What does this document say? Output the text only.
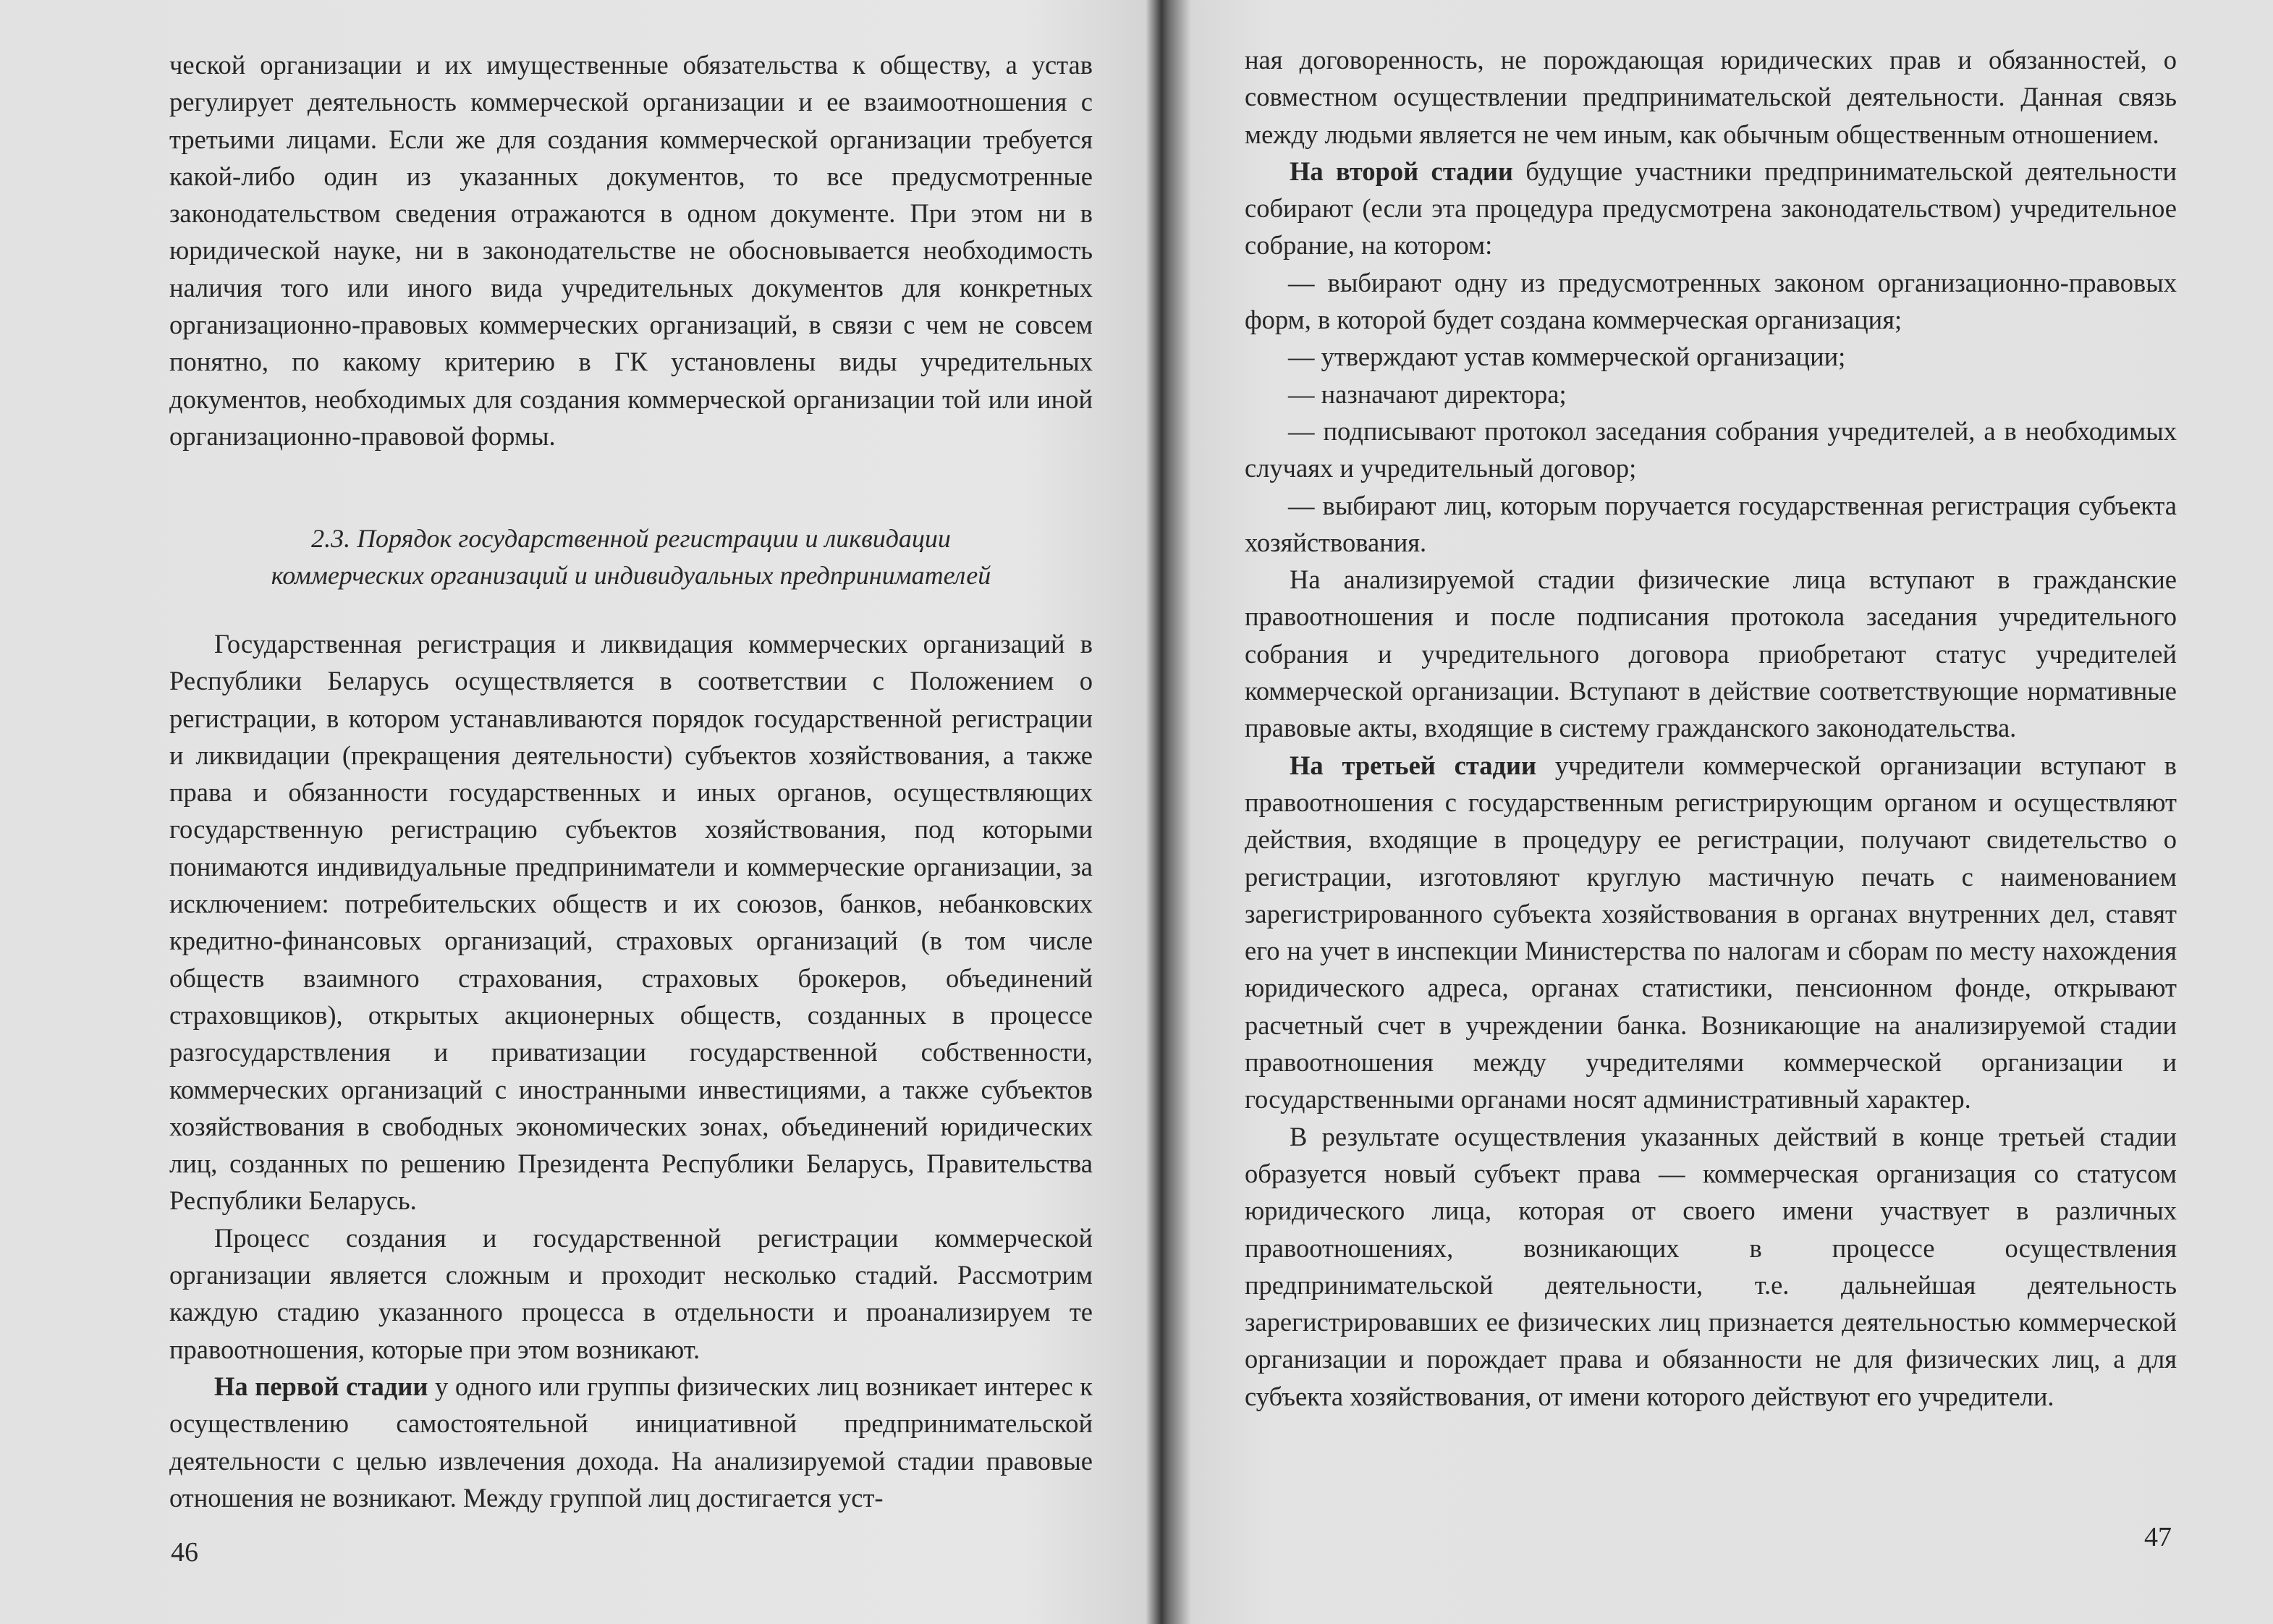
ческой организации и их имущественные обязательства к обществу, а устав регулирует деятельность коммерческой организации и ее взаимоотношения с третьими лицами. Если же для создания коммерческой организации требуется какой-либо один из указанных документов, то все предусмотренные законодательством сведения отражаются в одном документе. При этом ни в юридической науке, ни в законодательстве не обосновывается необходимость наличия того или иного вида учредительных документов для конкретных организационно-правовых коммерческих организаций, в связи с чем не совсем понятно, по какому критерию в ГК установлены виды учредительных документов, необходимых для создания коммерческой организации той или иной организационно-правовой формы.

2.3. Порядок государственной регистрации и ликвидации
коммерческих организаций и индивидуальных предпринимателей

Государственная регистрация и ликвидация коммерческих организаций в Республики Беларусь осуществляется в соответствии с Положением о регистрации, в котором устанавливаются порядок государственной регистрации и ликвидации (прекращения деятельности) субъектов хозяйствования, а также права и обязанности государственных и иных органов, осуществляющих государственную регистрацию субъектов хозяйствования, под которыми понимаются индивидуальные предприниматели и коммерческие организации, за исключением: потребительских обществ и их союзов, банков, небанковских кредитно-финансовых организаций, страховых организаций (в том числе обществ взаимного страхования, страховых брокеров, объединений страховщиков), открытых акционерных обществ, созданных в процессе разгосударствления и приватизации государственной собственности, коммерческих организаций с иностранными инвестициями, а также субъектов хозяйствования в свободных экономических зонах, объединений юридических лиц, созданных по решению Президента Республики Беларусь, Правительства Республики Беларусь.

Процесс создания и государственной регистрации коммерческой организации является сложным и проходит несколько стадий. Рассмотрим каждую стадию указанного процесса в отдельности и проанализируем те правоотношения, которые при этом возникают.

На первой стадии у одного или группы физических лиц возникает интерес к осуществлению самостоятельной инициативной предпринимательской деятельности с целью извлечения дохода. На анализируемой стадии правовые отношения не возникают. Между группой лиц достигается уст-

46

ная договоренность, не порождающая юридических прав и обязанностей, о совместном осуществлении предпринимательской деятельности. Данная связь между людьми является не чем иным, как обычным общественным отношением.

На второй стадии будущие участники предпринимательской деятельности собирают (если эта процедура предусмотрена законодательством) учредительное собрание, на котором:

— выбирают одну из предусмотренных законом организационно-правовых форм, в которой будет создана коммерческая организация;

— утверждают устав коммерческой организации;

— назначают директора;

— подписывают протокол заседания собрания учредителей, а в необходимых случаях и учредительный договор;

— выбирают лиц, которым поручается государственная регистрация субъекта хозяйствования.

На анализируемой стадии физические лица вступают в гражданские правоотношения и после подписания протокола заседания учредительного собрания и учредительного договора приобретают статус учредителей коммерческой организации. Вступают в действие соответствующие нормативные правовые акты, входящие в систему гражданского законодательства.

На третьей стадии учредители коммерческой организации вступают в правоотношения с государственным регистрирующим органом и осуществляют действия, входящие в процедуру ее регистрации, получают свидетельство о регистрации, изготовляют круглую мастичную печать с наименованием зарегистрированного субъекта хозяйствования в органах внутренних дел, ставят его на учет в инспекции Министерства по налогам и сборам по месту нахождения юридического адреса, органах статистики, пенсионном фонде, открывают расчетный счет в учреждении банка. Возникающие на анализируемой стадии правоотношения между учредителями коммерческой организации и государственными органами носят административный характер.

В результате осуществления указанных действий в конце третьей стадии образуется новый субъект права — коммерческая организация со статусом юридического лица, которая от своего имени участвует в различных правоотношениях, возникающих в процессе осуществления предпринимательской деятельности, т.е. дальнейшая деятельность зарегистрировавших ее физических лиц признается деятельностью коммерческой организации и порождает права и обязанности не для физических лиц, а для субъекта хозяйствования, от имени которого действуют его учредители.

47
